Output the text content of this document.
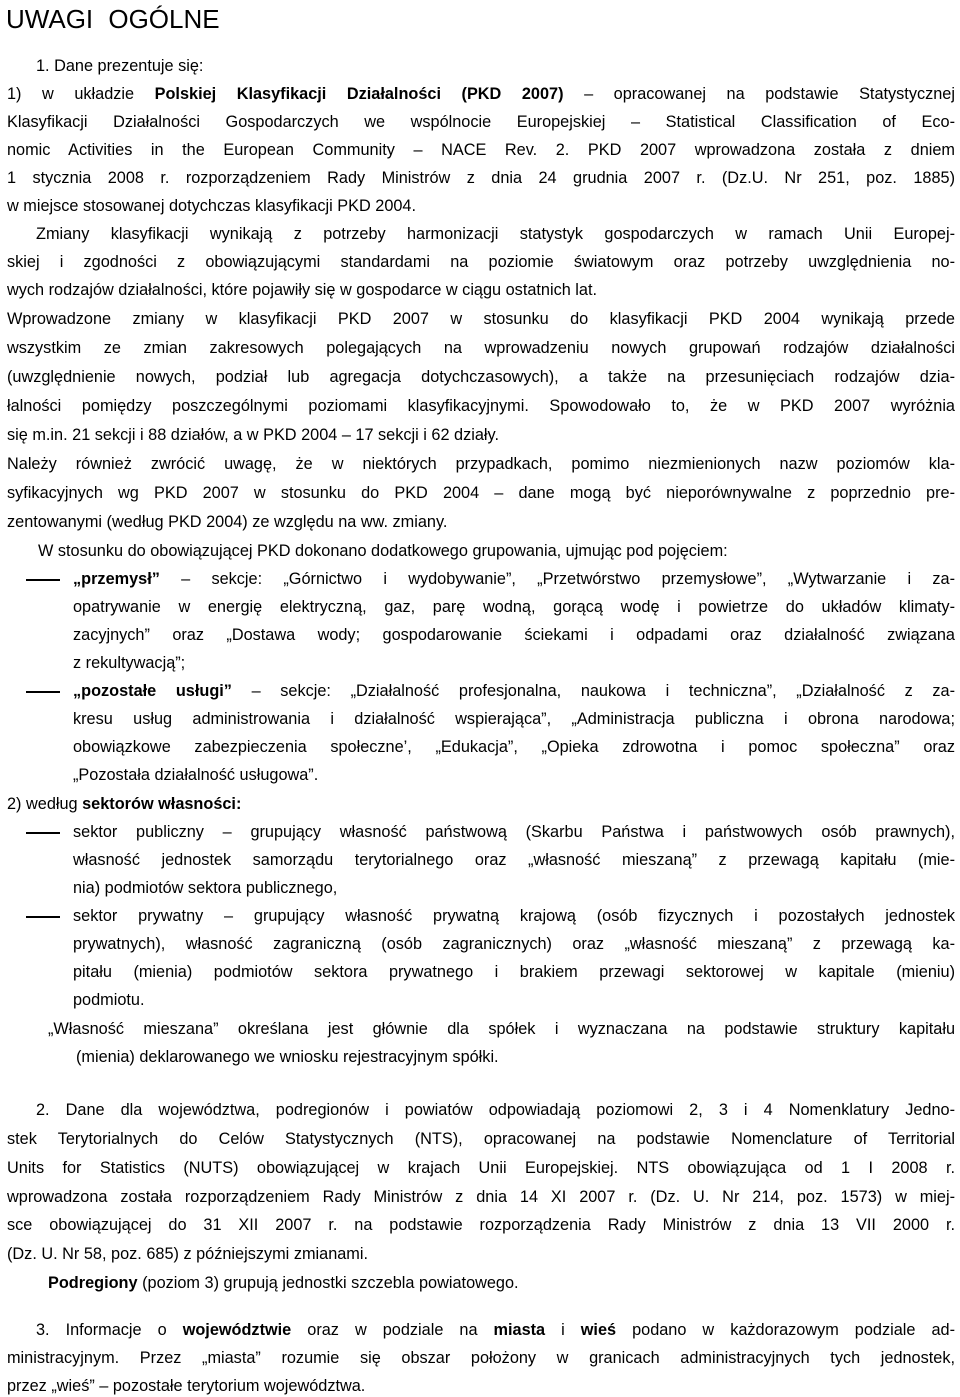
UWAGI OGÓLNE
1. Dane prezentuje się:
1) w układzie Polskiej Klasyfikacji Działalności (PKD 2007) – opracowanej na podstawie Statystycznej
Klasyfikacji Działalności Gospodarczych we wspólnocie Europejskiej – Statistical Classification of Eco-
nomic Activities in the European Community – NACE Rev. 2. PKD 2007 wprowadzona została z dniem
1 stycznia 2008 r. rozporządzeniem Rady Ministrów z dnia 24 grudnia 2007 r. (Dz.U. Nr 251, poz. 1885)
w miejsce stosowanej dotychczas klasyfikacji PKD 2004.
Zmiany klasyfikacji wynikają z potrzeby harmonizacji statystyk gospodarczych w ramach Unii Europej-
skiej i zgodności z obowiązującymi standardami na poziomie światowym oraz potrzeby uwzględnienia no-
wych rodzajów działalności, które pojawiły się w gospodarce w ciągu ostatnich lat.
Wprowadzone zmiany w klasyfikacji PKD 2007 w stosunku do klasyfikacji PKD 2004 wynikają przede
wszystkim ze zmian zakresowych polegających na wprowadzeniu nowych grupowań rodzajów działalności
(uwzględnienie nowych, podział lub agregacja dotychczasowych), a także na przesunięciach rodzajów dzia-
łalności pomiędzy poszczególnymi poziomami klasyfikacyjnymi. Spowodowało to, że w PKD 2007 wyróżnia
się m.in. 21 sekcji i 88 działów, a w PKD 2004 – 17 sekcji i 62 działy.
Należy również zwrócić uwagę, że w niektórych przypadkach, pomimo niezmienionych nazw poziomów kla-
syfikacyjnych wg PKD 2007 w stosunku do PKD 2004 – dane mogą być nieporównywalne z poprzednio pre-
zentowanymi (według PKD 2004) ze względu na ww. zmiany.
W stosunku do obowiązującej PKD dokonano dodatkowego grupowania, ujmując pod pojęciem:
„przemysł” – sekcje: „Górnictwo i wydobywanie”, „Przetwórstwo przemysłowe”, „Wytwarzanie i za-
opatrywanie w energię elektryczną, gaz, parę wodną, gorącą wodę i powietrze do układów klimaty-
zacyjnych” oraz „Dostawa wody; gospodarowanie ściekami i odpadami oraz działalność związana
z rekultywacją”;
„pozostałe usługi” – sekcje: „Działalność profesjonalna, naukowa i techniczna”, „Działalność z za-
kresu usług administrowania i działalność wspierająca”, „Administracja publiczna i obrona narodowa;
obowiązkowe zabezpieczenia społeczne’, „Edukacja”, „Opieka zdrowotna i pomoc społeczna” oraz
„Pozostała działalność usługowa”.
2) według sektorów własności:
sektor publiczny – grupujący własność państwową (Skarbu Państwa i państwowych osób prawnych),
własność jednostek samorządu terytorialnego oraz „własność mieszaną” z przewagą kapitału (mie-
nia) podmiotów sektora publicznego,
sektor prywatny – grupujący własność prywatną krajową (osób fizycznych i pozostałych jednostek
prywatnych), własność zagraniczną (osób zagranicznych) oraz „własność mieszaną” z przewagą ka-
pitału (mienia) podmiotów sektora prywatnego i brakiem przewagi sektorowej w kapitale (mieniu)
podmiotu.
„Własność mieszana” określana jest głównie dla spółek i wyznaczana na podstawie struktury kapitału
(mienia) deklarowanego we wniosku rejestracyjnym spółki.
2. Dane dla województwa, podregionów i powiatów odpowiadają poziomowi 2, 3 i 4 Nomenklatury Jedno-
stek Terytorialnych do Celów Statystycznych (NTS), opracowanej na podstawie Nomenclature of Territorial
Units for Statistics (NUTS) obowiązującej w krajach Unii Europejskiej. NTS obowiązująca od 1 I 2008 r.
wprowadzona została rozporządzeniem Rady Ministrów z dnia 14 XI 2007 r. (Dz. U. Nr 214, poz. 1573) w miej-
sce obowiązującej do 31 XII 2007 r. na podstawie rozporządzenia Rady Ministrów z dnia 13 VII 2000 r.
(Dz. U. Nr 58, poz. 685) z późniejszymi zmianami.
Podregiony (poziom 3) grupują jednostki szczebla powiatowego.
3. Informacje o województwie oraz w podziale na miasta i wieś podano w każdorazowym podziale ad-
ministracyjnym. Przez „miasta” rozumie się obszar położony w granicach administracyjnych tych jednostek,
przez „wieś” – pozostałe terytorium województwa.
